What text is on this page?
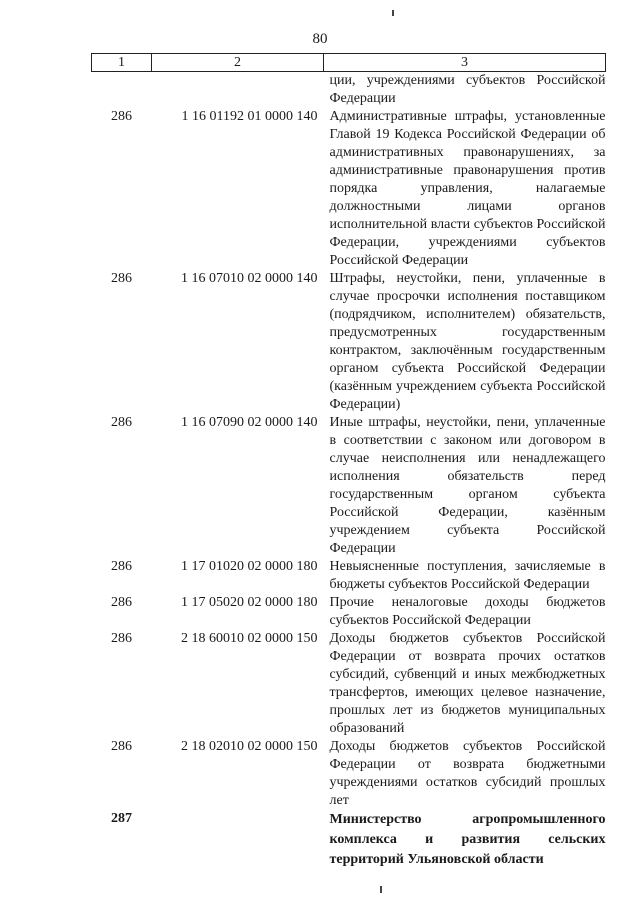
80
1	2	3
		ции, учреждениями субъектов Российской Федерации
286	1 16 01192 01 0000 140	Административные штрафы, установленные Главой 19 Кодекса Российской Федерации об административных правонарушениях, за административные правонарушения против порядка управления, налагаемые должностными лицами органов исполнительной власти субъектов Российской Федерации, учреждениями субъектов Российской Федерации
286	1 16 07010 02 0000 140	Штрафы, неустойки, пени, уплаченные в случае просрочки исполнения поставщиком (подрядчиком, исполнителем) обязательств, предусмотренных государственным контрактом, заключённым государственным органом субъекта Российской Федерации (казённым учреждением субъекта Российской Федерации)
286	1 16 07090 02 0000 140	Иные штрафы, неустойки, пени, уплаченные в соответствии с законом или договором в случае неисполнения или ненадлежащего исполнения обязательств перед государственным органом субъекта Российской Федерации, казённым учреждением субъекта Российской Федерации
286	1 17 01020 02 0000 180	Невыясненные поступления, зачисляемые в бюджеты субъектов Российской Федерации
286	1 17 05020 02 0000 180	Прочие неналоговые доходы бюджетов субъектов Российской Федерации
286	2 18 60010 02 0000 150	Доходы бюджетов субъектов Российской Федерации от возврата прочих остатков субсидий, субвенций и иных межбюджетных трансфертов, имеющих целевое назначение, прошлых лет из бюджетов муниципальных образований
286	2 18 02010 02 0000 150	Доходы бюджетов субъектов Российской Федерации от возврата бюджетными учреждениями остатков субсидий прошлых лет
287		Министерство агропромышленного комплекса и развития сельских территорий Ульяновской области
